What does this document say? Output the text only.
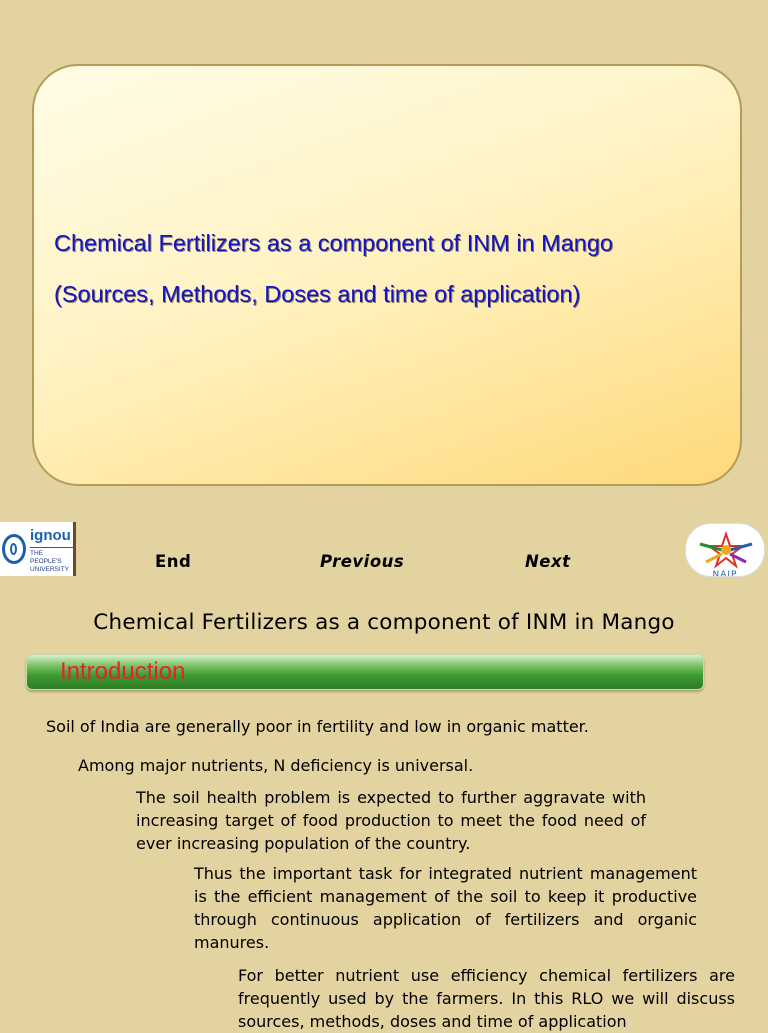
Chemical Fertilizers as a component of INM in Mango
(Sources, Methods, Doses and time of application)
ignou
THE PEOPLE'S UNIVERSITY	End	Previous	Next
NAIP
Chemical Fertilizers as a component of INM in Mango
Introduction
Soil of India are generally poor in fertility and low in organic matter.
Among major nutrients, N deficiency is universal.
The soil health problem is expected to further aggravate with increasing target of food production to meet the food need of ever increasing population of the country.
Thus the important task for integrated nutrient management is the efficient management of the soil to keep it productive through continuous application of fertilizers and organic manures.
For better nutrient use efficiency chemical fertilizers are frequently used by the farmers. In this RLO we will discuss sources, methods, doses and time of application
